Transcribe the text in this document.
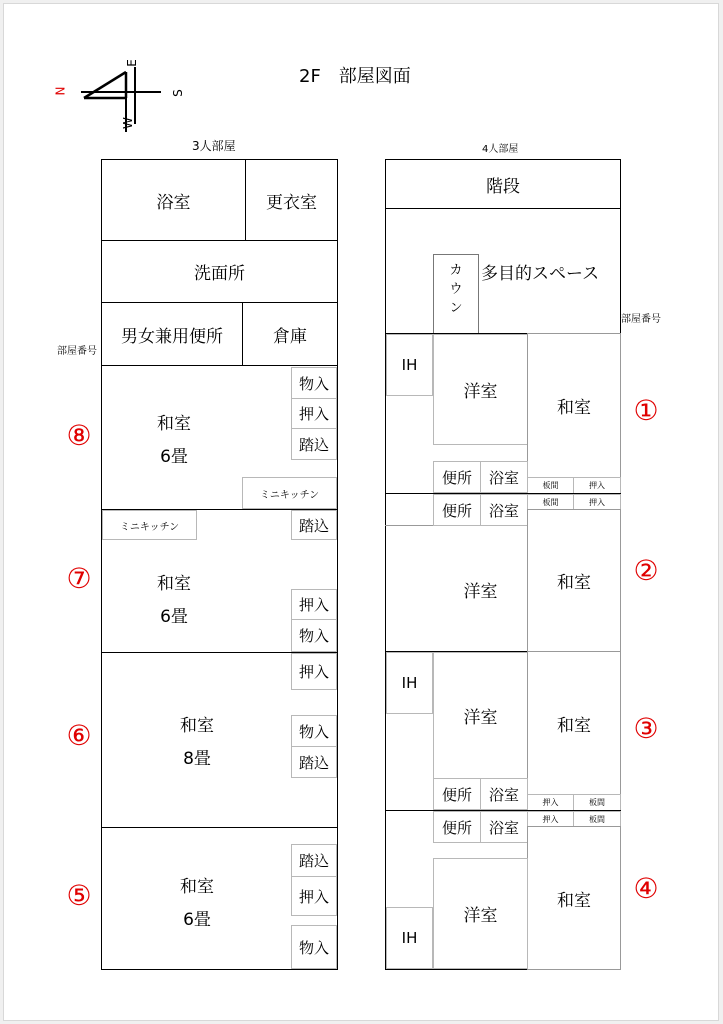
2F　部屋図面
N
E
S
W
3人部屋
部屋番号
浴室	更衣室
洗面所
男女兼用便所	倉庫
和室
6畳
物入
押入
踏込
ミニキッチン
⑧
ミニキッチン	踏込
押入
物入
和室
6畳
⑦
押入
物入
踏込
和室
8畳
⑥
踏込
押入
物入
和室
6畳
⑤
4人部屋
部屋番号
階段
多目的スペース
カ
ウ
ン
IH
洋室
和室
便所	浴室	板間	押入
①
板間	押入
便所	浴室
和室
洋室
②
IH
洋室	和室
便所	浴室	押入	板間
③
押入	板間
便所	浴室
和室
洋室
IH
④
